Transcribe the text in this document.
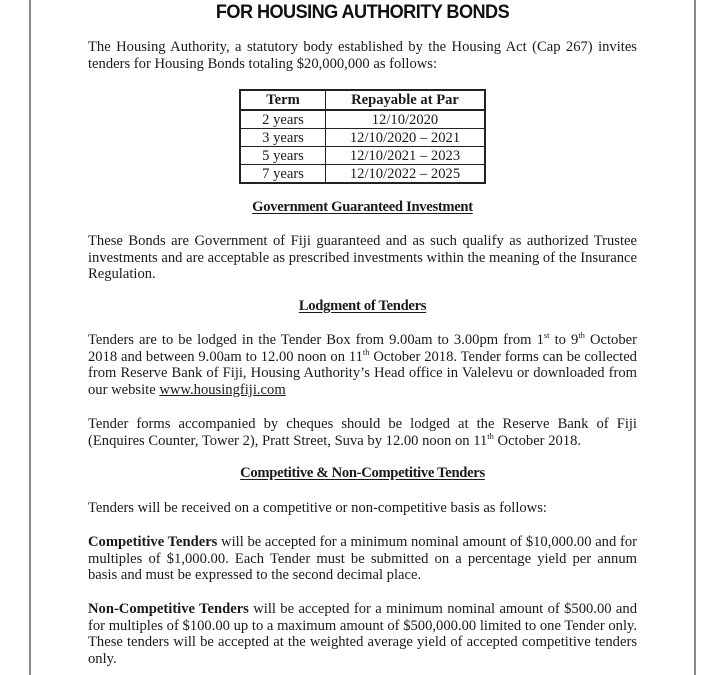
FOR HOUSING AUTHORITY BONDS

The Housing Authority, a statutory body established by the Housing Act (Cap 267) invites tenders for Housing Bonds totaling $20,000,000 as follows:

Term	Repayable at Par
2 years	12/10/2020
3 years	12/10/2020 – 2021
5 years	12/10/2021 – 2023
7 years	12/10/2022 – 2025
Government Guaranteed Investment

These Bonds are Government of Fiji guaranteed and as such qualify as authorized Trustee investments and are acceptable as prescribed investments within the meaning of the Insurance Regulation.

Lodgment of Tenders

Tenders are to be lodged in the Tender Box from 9.00am to 3.00pm from 1st to 9th October 2018 and between 9.00am to 12.00 noon on 11th October 2018. Tender forms can be collected from Reserve Bank of Fiji, Housing Authority’s Head office in Valelevu or downloaded from our website www.housingfiji.com

Tender forms accompanied by cheques should be lodged at the Reserve Bank of Fiji (Enquires Counter, Tower 2), Pratt Street, Suva by 12.00 noon on 11th October 2018.

Competitive & Non-Competitive Tenders

Tenders will be received on a competitive or non-competitive basis as follows:

Competitive Tenders will be accepted for a minimum nominal amount of $10,000.00 and for multiples of $1,000.00. Each Tender must be submitted on a percentage yield per annum basis and must be expressed to the second decimal place.

Non-Competitive Tenders will be accepted for a minimum nominal amount of $500.00 and for multiples of $100.00 up to a maximum amount of $500,000.00 limited to one Tender only. These tenders will be accepted at the weighted average yield of accepted competitive tenders only.
